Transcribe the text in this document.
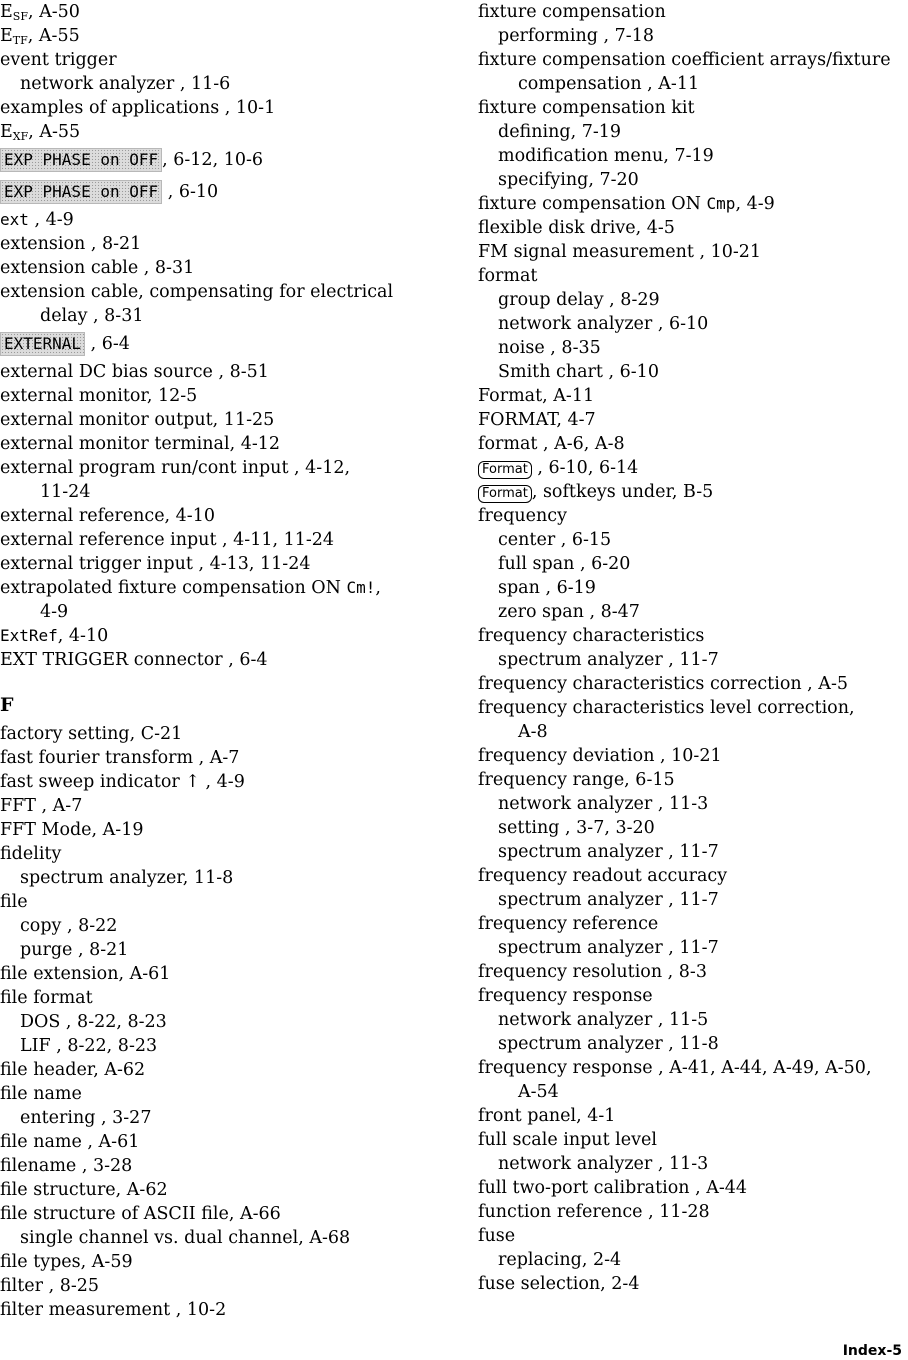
$E_{SF}$, A-50
$E_{TF}$, A-55
event trigger
network analyzer , 11-6
examples of applications , 10-1
$E_{XF}$, A-55
EXP PHASE on OFF , 6-12, 10-6
EXP PHASE on OFF , 6-10
ext , 4-9
extension , 8-21
extension cable , 8-31
extension cable, compensating for electrical
delay , 8-31
EXTERNAL , 6-4
external DC bias source , 8-51
external monitor, 12-5
external monitor output, 11-25
external monitor terminal, 4-12
external program run/cont input , 4-12,
11-24
external reference, 4-10
external reference input , 4-11, 11-24
external trigger input , 4-13, 11-24
extrapolated fixture compensation ON Cm!,
4-9
ExtRef, 4-10
EXT TRIGGER connector , 6-4
F
factory setting, C-21
fast fourier transform , A-7
fast sweep indicator ↑ , 4-9
FFT , A-7
FFT Mode, A-19
fidelity
spectrum analyzer, 11-8
file
copy , 8-22
purge , 8-21
file extension, A-61
file format
DOS , 8-22, 8-23
LIF , 8-22, 8-23
file header, A-62
file name
entering , 3-27
file name , A-61
filename , 3-28
file structure, A-62
file structure of ASCII file, A-66
single channel vs. dual channel, A-68
file types, A-59
filter , 8-25
filter measurement , 10-2
fixture compensation
performing , 7-18
fixture compensation coefficient arrays/fixture
compensation , A-11
fixture compensation kit
defining, 7-19
modification menu, 7-19
specifying, 7-20
fixture compensation ON Cmp, 4-9
flexible disk drive, 4-5
FM signal measurement , 10-21
format
group delay , 8-29
network analyzer , 6-10
noise , 8-35
Smith chart , 6-10
Format, A-11
FORMAT, 4-7
format , A-6, A-8
Format , 6-10, 6-14
Format , softkeys under, B-5
frequency
center , 6-15
full span , 6-20
span , 6-19
zero span , 8-47
frequency characteristics
spectrum analyzer , 11-7
frequency characteristics correction , A-5
frequency characteristics level correction,
A-8
frequency deviation , 10-21
frequency range, 6-15
network analyzer , 11-3
setting , 3-7, 3-20
spectrum analyzer , 11-7
frequency readout accuracy
spectrum analyzer , 11-7
frequency reference
spectrum analyzer , 11-7
frequency resolution , 8-3
frequency response
network analyzer , 11-5
spectrum analyzer , 11-8
frequency response , A-41, A-44, A-49, A-50,
A-54
front panel, 4-1
full scale input level
network analyzer , 11-3
full two-port calibration , A-44
function reference , 11-28
fuse
replacing, 2-4
fuse selection, 2-4
Index-5
